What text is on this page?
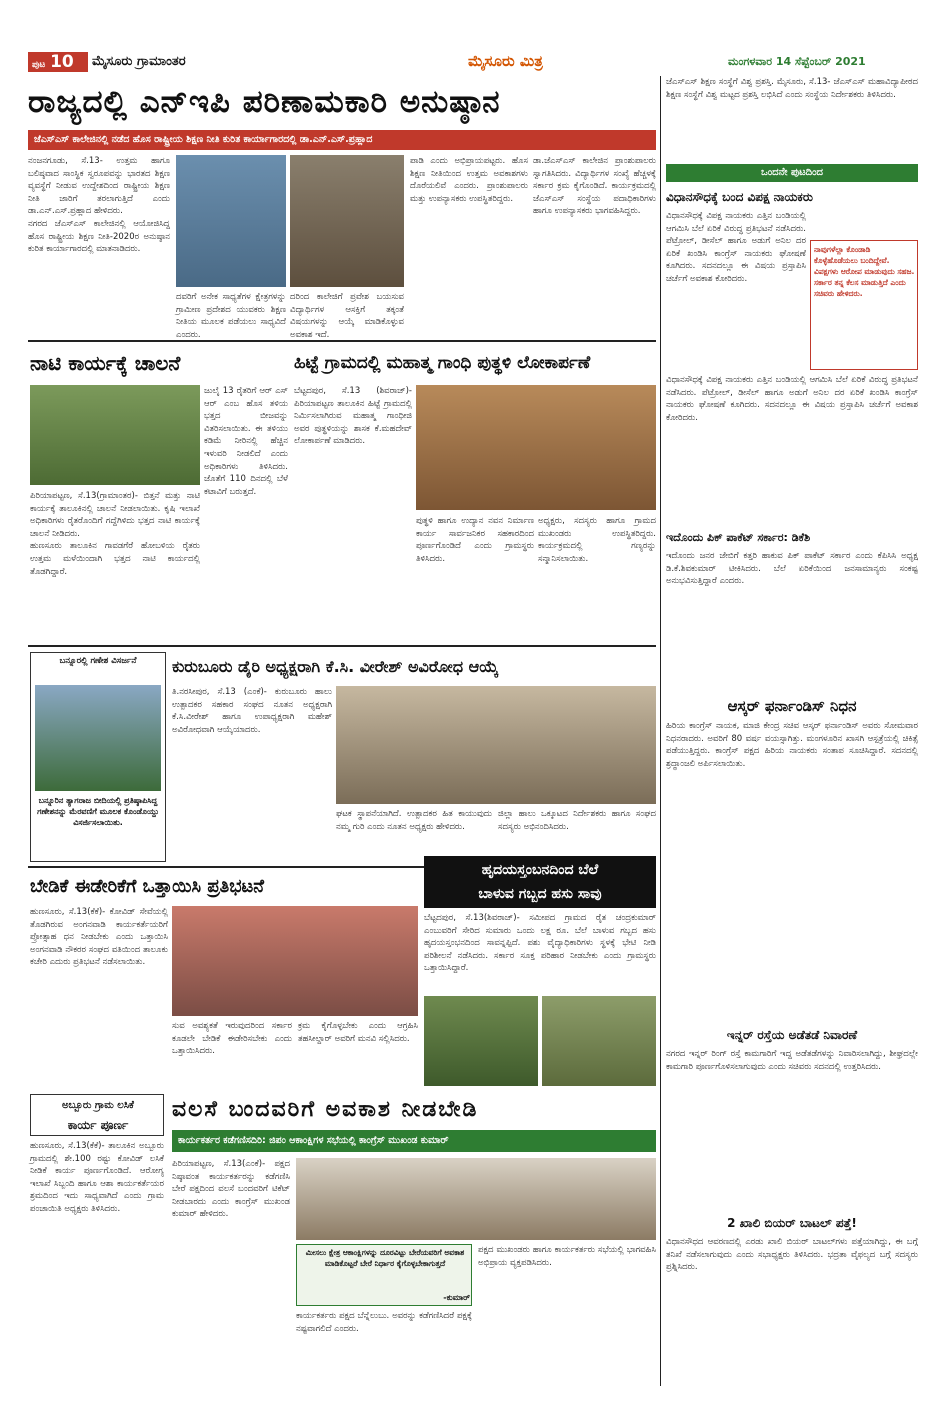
ಪುಟ 10	ಮೈಸೂರು ಗ್ರಾಮಾಂತರ	ಮೈಸೂರು ಮಿತ್ರ	ಮಂಗಳವಾರ 14 ಸೆಪ್ಟೆಂಬರ್ 2021
ರಾಜ್ಯದಲ್ಲಿ ಎನ್‌ಇಪಿ ಪರಿಣಾಮಕಾರಿ ಅನುಷ್ಠಾನ
ಜೆಎಸ್‌ಎಸ್ ಕಾಲೇಜಿನಲ್ಲಿ ನಡೆದ ಹೊಸ ರಾಷ್ಟ್ರೀಯ ಶಿಕ್ಷಣ ನೀತಿ ಕುರಿತ ಕಾರ್ಯಾಗಾರದಲ್ಲಿ ಡಾ.ಎನ್.ಎಸ್.ಪ್ರಹ್ಲಾದ
ನಂಜನಗೂಡು, ಸೆ.13- ಉತ್ತಮ ಹಾಗೂ ಬಲಿಷ್ಠವಾದ ಸಾಂಸ್ಥಿಕ ಸ್ವರೂಪವನ್ನು ಭಾರತದ ಶಿಕ್ಷಣ ವ್ಯವಸ್ಥೆಗೆ ನೀಡುವ ಉದ್ದೇಶದಿಂದ ರಾಷ್ಟ್ರೀಯ ಶಿಕ್ಷಣ ನೀತಿ ಜಾರಿಗೆ ತರಲಾಗುತ್ತಿದೆ ಎಂದು ಡಾ.ಎನ್.ಎಸ್.ಪ್ರಹ್ಲಾದ ಹೇಳಿದರು.
ನಗರದ ಜೆಎಸ್‌ಎಸ್ ಕಾಲೇಜಿನಲ್ಲಿ ಆಯೋಜಿಸಿದ್ದ ಹೊಸ ರಾಷ್ಟ್ರೀಯ ಶಿಕ್ಷಣ ನೀತಿ-2020ರ ಅನುಷ್ಠಾನ ಕುರಿತ ಕಾರ್ಯಾಗಾರದಲ್ಲಿ ಮಾತನಾಡಿದರು.
ದವರಿಗೆ ಅನೇಕ ಸಾಧ್ಯತೆಗಳ ಕ್ಷೇತ್ರಗಳನ್ನು ಗ್ರಾಮೀಣ ಪ್ರದೇಶದ ಯುವಕರು ಶಿಕ್ಷಣ ನೀತಿಯ ಮೂಲಕ ಪಡೆಯಲು ಸಾಧ್ಯವಿದೆ ಎಂದರು.
ದರಿಂದ ಕಾಲೇಜಿಗೆ ಪ್ರವೇಶ ಬಯಸುವ ವಿದ್ಯಾರ್ಥಿಗಳ ಆಸಕ್ತಿಗೆ ತಕ್ಕಂತೆ ವಿಷಯಗಳನ್ನು ಆಯ್ಕೆ ಮಾಡಿಕೊಳ್ಳುವ ಅವಕಾಶ ಇದೆ.
ಪಾಡಿ ಎಂದು ಅಭಿಪ್ರಾಯಪಟ್ಟರು. ಹೊಸ ಶಿಕ್ಷಣ ನೀತಿಯಿಂದ ಉತ್ತಮ ಅವಕಾಶಗಳು ದೊರೆಯಲಿವೆ ಎಂದರು. ಪ್ರಾಂಶುಪಾಲರು ಮತ್ತು ಉಪನ್ಯಾಸಕರು ಉಪಸ್ಥಿತರಿದ್ದರು.
ಡಾ.ಜೆಎಸ್‌ಎಸ್ ಕಾಲೇಜಿನ ಪ್ರಾಂಶುಪಾಲರು ಸ್ವಾಗತಿಸಿದರು. ವಿದ್ಯಾರ್ಥಿಗಳ ಸಂಖ್ಯೆ ಹೆಚ್ಚಳಕ್ಕೆ ಸರ್ಕಾರ ಕ್ರಮ ಕೈಗೊಂಡಿದೆ. ಕಾರ್ಯಕ್ರಮದಲ್ಲಿ ಜೆಎಸ್‌ಎಸ್ ಸಂಸ್ಥೆಯ ಪದಾಧಿಕಾರಿಗಳು ಹಾಗೂ ಉಪನ್ಯಾಸಕರು ಭಾಗವಹಿಸಿದ್ದರು.
ನಾಟಿ ಕಾರ್ಯಕ್ಕೆ ಚಾಲನೆ
ಪಿರಿಯಾಪಟ್ಟಣ, ಸೆ.13(ಗ್ರಾಮಾಂತರ)- ಬಿತ್ತನೆ ಮತ್ತು ನಾಟಿ ಕಾರ್ಯಕ್ಕೆ ತಾಲೂಕಿನಲ್ಲಿ ಚಾಲನೆ ನೀಡಲಾಯಿತು. ಕೃಷಿ ಇಲಾಖೆ ಅಧಿಕಾರಿಗಳು ರೈತರೊಂದಿಗೆ ಗದ್ದೆಗಿಳಿದು ಭತ್ತದ ನಾಟಿ ಕಾರ್ಯಕ್ಕೆ ಚಾಲನೆ ನೀಡಿದರು.
ಹುಣಸೂರು ತಾಲೂಕಿನ ಗಾವಡಗೆರೆ ಹೋಬಳಿಯ ರೈತರು ಉತ್ತಮ ಮಳೆಯಿಂದಾಗಿ ಭತ್ತದ ನಾಟಿ ಕಾರ್ಯದಲ್ಲಿ ತೊಡಗಿದ್ದಾರೆ.
ಜುಲೈ 13 ರೈತರಿಗೆ ಆರ್ ಎಸ್ ಆರ್ ಎಂಬ ಹೊಸ ತಳಿಯ ಭತ್ತದ ಬೀಜವನ್ನು ವಿತರಿಸಲಾಯಿತು. ಈ ತಳಿಯು ಕಡಿಮೆ ನೀರಿನಲ್ಲಿ ಹೆಚ್ಚಿನ ಇಳುವರಿ ನೀಡಲಿದೆ ಎಂದು ಅಧಿಕಾರಿಗಳು ತಿಳಿಸಿದರು. ಜೊತೆಗೆ 110 ದಿನದಲ್ಲಿ ಬೆಳೆ ಕಟಾವಿಗೆ ಬರುತ್ತದೆ.
ಹಿಟ್ಟೆ ಗ್ರಾಮದಲ್ಲಿ ಮಹಾತ್ಮ ಗಾಂಧಿ ಪುತ್ಥಳಿ ಲೋಕಾರ್ಪಣೆ
ಬೆಟ್ಟದಪುರ, ಸೆ.13 (ಶಿವರಾಜ್)- ಪಿರಿಯಾಪಟ್ಟಣ ತಾಲೂಕಿನ ಹಿಟ್ಟೆ ಗ್ರಾಮದಲ್ಲಿ ನಿರ್ಮಿಸಲಾಗಿರುವ ಮಹಾತ್ಮ ಗಾಂಧೀಜಿ ಅವರ ಪುತ್ಥಳಿಯನ್ನು ಶಾಸಕ ಕೆ.ಮಹದೇವ್ ಲೋಕಾರ್ಪಣೆ ಮಾಡಿದರು.
ಪುತ್ಥಳಿ ಹಾಗೂ ಉದ್ಯಾನ ನವನ ನಿರ್ಮಾಣ ಕಾರ್ಯ ಸಾರ್ವಜನಿಕರ ಸಹಕಾರದಿಂದ ಪೂರ್ಣಗೊಂಡಿದೆ ಎಂದು ಗ್ರಾಮಸ್ಥರು ತಿಳಿಸಿದರು.
ಅಧ್ಯಕ್ಷರು, ಸದಸ್ಯರು ಹಾಗೂ ಗ್ರಾಮದ ಮುಖಂಡರು ಉಪಸ್ಥಿತರಿದ್ದರು. ಕಾರ್ಯಕ್ರಮದಲ್ಲಿ ಗಣ್ಯರನ್ನು ಸನ್ಮಾನಿಸಲಾಯಿತು.
ಬನ್ನೂರಲ್ಲಿ ಗಣೇಶ ವಿಸರ್ಜನೆ
ಬನ್ನೂರಿನ ತ್ಯಾಗರಾಜ ಬೀದಿಯಲ್ಲಿ ಪ್ರತಿಷ್ಠಾಪಿಸಿದ್ದ ಗಣೇಶನನ್ನು ಮೆರವಣಿಗೆ ಮೂಲಕ ಕೊಂಡೊಯ್ದು ವಿಸರ್ಜಿಸಲಾಯಿತು.
ಕುರುಬೂರು ಡೈರಿ ಅಧ್ಯಕ್ಷರಾಗಿ ಕೆ.ಸಿ. ವೀರೇಶ್ ಅವಿರೋಧ ಆಯ್ಕೆ
ತಿ.ನರಸೀಪುರ, ಸೆ.13 (ಎಂಕೆ)- ಕುರುಬೂರು ಹಾಲು ಉತ್ಪಾದಕರ ಸಹಕಾರ ಸಂಘದ ನೂತನ ಅಧ್ಯಕ್ಷರಾಗಿ ಕೆ.ಸಿ.ವೀರೇಶ್ ಹಾಗೂ ಉಪಾಧ್ಯಕ್ಷರಾಗಿ ಮಹೇಶ್ ಅವಿರೋಧವಾಗಿ ಆಯ್ಕೆಯಾದರು.
ಘಟಕ ಸ್ಥಾಪನೆಯಾಗಿದೆ. ಉತ್ಪಾದಕರ ಹಿತ ಕಾಯುವುದು ನಮ್ಮ ಗುರಿ ಎಂದು ನೂತನ ಅಧ್ಯಕ್ಷರು ಹೇಳಿದರು.
ಜಿಲ್ಲಾ ಹಾಲು ಒಕ್ಕೂಟದ ನಿರ್ದೇಶಕರು ಹಾಗೂ ಸಂಘದ ಸದಸ್ಯರು ಅಭಿನಂದಿಸಿದರು.
ಬೇಡಿಕೆ ಈಡೇರಿಕೆಗೆ ಒತ್ತಾಯಿಸಿ ಪ್ರತಿಭಟನೆ
ಹುಣಸೂರು, ಸೆ.13(ಕೆಕೆ)- ಕೋವಿಡ್ ಸೇವೆಯಲ್ಲಿ ತೊಡಗಿರುವ ಅಂಗನವಾಡಿ ಕಾರ್ಯಕರ್ತೆಯರಿಗೆ ಪ್ರೋತ್ಸಾಹ ಧನ ನೀಡಬೇಕು ಎಂದು ಒತ್ತಾಯಿಸಿ ಅಂಗನವಾಡಿ ನೌಕರರ ಸಂಘದ ವತಿಯಿಂದ ತಾಲೂಕು ಕಚೇರಿ ಎದುರು ಪ್ರತಿಭಟನೆ ನಡೆಸಲಾಯಿತು.
ಸುವ ಅವಶ್ಯಕತೆ ಇರುವುದರಿಂದ ಸರ್ಕಾರ ಕೂಡಲೇ ಬೇಡಿಕೆ ಈಡೇರಿಸಬೇಕು ಎಂದು ಒತ್ತಾಯಿಸಿದರು.
ಕ್ರಮ ಕೈಗೊಳ್ಳಬೇಕು ಎಂದು ಆಗ್ರಹಿಸಿ ತಹಸೀಲ್ದಾರ್ ಅವರಿಗೆ ಮನವಿ ಸಲ್ಲಿಸಿದರು.
ಹೃದಯಸ್ತಂಬನದಿಂದ ಬೆಲೆ
ಬಾಳುವ ಗಬ್ಬದ ಹಸು ಸಾವು
ಬೆಟ್ಟದಪುರ, ಸೆ.13(ಶಿವರಾಜ್)- ಸಮೀಪದ ಗ್ರಾಮದ ರೈತ ಚಂದ್ರಕುಮಾರ್ ಎಂಬುವರಿಗೆ ಸೇರಿದ ಸುಮಾರು ಒಂದು ಲಕ್ಷ ರೂ. ಬೆಲೆ ಬಾಳುವ ಗಬ್ಬದ ಹಸು ಹೃದಯಸ್ತಂಭನದಿಂದ ಸಾವನ್ನಪ್ಪಿದೆ. ಪಶು ವೈದ್ಯಾಧಿಕಾರಿಗಳು ಸ್ಥಳಕ್ಕೆ ಭೇಟಿ ನೀಡಿ ಪರಿಶೀಲನೆ ನಡೆಸಿದರು. ಸರ್ಕಾರ ಸೂಕ್ತ ಪರಿಹಾರ ನೀಡಬೇಕು ಎಂದು ಗ್ರಾಮಸ್ಥರು ಒತ್ತಾಯಿಸಿದ್ದಾರೆ.
ಅಬ್ಬೂರು ಗ್ರಾಮ ಲಸಿಕೆ
ಕಾರ್ಯ ಪೂರ್ಣ
ಹುಣಸೂರು, ಸೆ.13(ಕೆಕೆ)- ತಾಲೂಕಿನ ಅಬ್ಬೂರು ಗ್ರಾಮದಲ್ಲಿ ಶೇ.100 ರಷ್ಟು ಕೋವಿಡ್ ಲಸಿಕೆ ನೀಡಿಕೆ ಕಾರ್ಯ ಪೂರ್ಣಗೊಂಡಿದೆ. ಆರೋಗ್ಯ ಇಲಾಖೆ ಸಿಬ್ಬಂದಿ ಹಾಗೂ ಆಶಾ ಕಾರ್ಯಕರ್ತೆಯರ ಶ್ರಮದಿಂದ ಇದು ಸಾಧ್ಯವಾಗಿದೆ ಎಂದು ಗ್ರಾಮ ಪಂಚಾಯಿತಿ ಅಧ್ಯಕ್ಷರು ತಿಳಿಸಿದರು.
ವಲಸೆ ಬಂದವರಿಗೆ ಅವಕಾಶ ನೀಡಬೇಡಿ
ಕಾರ್ಯಕರ್ತರ ಕಡೆಗಣಿಸದಿರಿ: ಜಿಪಂ ಆಕಾಂಕ್ಷಿಗಳ ಸಭೆಯಲ್ಲಿ ಕಾಂಗ್ರೆಸ್ ಮುಖಂಡ ಕುಮಾರ್
ಪಿರಿಯಾಪಟ್ಟಣ, ಸೆ.13(ಎಂಕೆ)- ಪಕ್ಷದ ನಿಷ್ಠಾವಂತ ಕಾರ್ಯಕರ್ತರನ್ನು ಕಡೆಗಣಿಸಿ ಬೇರೆ ಪಕ್ಷದಿಂದ ವಲಸೆ ಬಂದವರಿಗೆ ಟಿಕೆಟ್ ನೀಡಬಾರದು ಎಂದು ಕಾಂಗ್ರೆಸ್ ಮುಖಂಡ ಕುಮಾರ್ ಹೇಳಿದರು.
ಮೀಸಲು ಕ್ಷೇತ್ರ ಆಕಾಂಕ್ಷಿಗಳನ್ನು ದೂರವಿಟ್ಟು ಬೇರೆಯವರಿಗೆ ಅವಕಾಶ ಮಾಡಿಕೊಟ್ಟರೆ ಬೇರೆ ನಿರ್ಧಾರ ಕೈಗೊಳ್ಳಬೇಕಾಗುತ್ತದೆ
-ಕುಮಾರ್
ಕಾರ್ಯಕರ್ತರು ಪಕ್ಷದ ಬೆನ್ನೆಲುಬು. ಅವರನ್ನು ಕಡೆಗಣಿಸಿದರೆ ಪಕ್ಷಕ್ಕೆ ನಷ್ಟವಾಗಲಿದೆ ಎಂದರು.
ಪಕ್ಷದ ಮುಖಂಡರು ಹಾಗೂ ಕಾರ್ಯಕರ್ತರು ಸಭೆಯಲ್ಲಿ ಭಾಗವಹಿಸಿ ಅಭಿಪ್ರಾಯ ವ್ಯಕ್ತಪಡಿಸಿದರು.
ಜೆಎಸ್ಎಸ್ ಶಿಕ್ಷಣ ಸಂಸ್ಥೆಗೆ ವಿಶ್ವ ಪ್ರಶಸ್ತಿ. ಮೈಸೂರು, ಸೆ.13- ಜೆಎಸ್ಎಸ್ ಮಹಾವಿದ್ಯಾಪೀಠದ ಶಿಕ್ಷಣ ಸಂಸ್ಥೆಗೆ ವಿಶ್ವ ಮಟ್ಟದ ಪ್ರಶಸ್ತಿ ಲಭಿಸಿದೆ ಎಂದು ಸಂಸ್ಥೆಯ ನಿರ್ದೇಶಕರು ತಿಳಿಸಿದರು.
ಒಂದನೇ ಪುಟದಿಂದ
ವಿಧಾನಸೌಧಕ್ಕೆ ಬಂದ ವಿಪಕ್ಷ ನಾಯಕರು
ವಿಧಾನಸೌಧಕ್ಕೆ ವಿಪಕ್ಷ ನಾಯಕರು ಎತ್ತಿನ ಬಂಡಿಯಲ್ಲಿ ಆಗಮಿಸಿ ಬೆಲೆ ಏರಿಕೆ ವಿರುದ್ಧ ಪ್ರತಿಭಟನೆ ನಡೆಸಿದರು. ಪೆಟ್ರೋಲ್, ಡೀಸೆಲ್ ಹಾಗೂ ಅಡುಗೆ ಅನಿಲ ದರ ಏರಿಕೆ ಖಂಡಿಸಿ ಕಾಂಗ್ರೆಸ್ ನಾಯಕರು ಘೋಷಣೆ ಕೂಗಿದರು. ಸದನದಲ್ಲೂ ಈ ವಿಷಯ ಪ್ರಸ್ತಾಪಿಸಿ ಚರ್ಚೆಗೆ ಅವಕಾಶ ಕೋರಿದರು.
ನಾವುಗಳೆಲ್ಲಾ ಕೊಂಡಾಡಿ ಕೊಳ್ಳೆಹೊಡೆಯಲು ಬಂದಿದ್ದೇವೆ. ವಿಪಕ್ಷಗಳು ಆರೋಪ ಮಾಡುವುದು ಸಹಜ. ಸರ್ಕಾರ ತನ್ನ ಕೆಲಸ ಮಾಡುತ್ತಿದೆ ಎಂದು ಸಚಿವರು ಹೇಳಿದರು.
ವಿಧಾನಸೌಧಕ್ಕೆ ವಿಪಕ್ಷ ನಾಯಕರು ಎತ್ತಿನ ಬಂಡಿಯಲ್ಲಿ ಆಗಮಿಸಿ ಬೆಲೆ ಏರಿಕೆ ವಿರುದ್ಧ ಪ್ರತಿಭಟನೆ ನಡೆಸಿದರು. ಪೆಟ್ರೋಲ್, ಡೀಸೆಲ್ ಹಾಗೂ ಅಡುಗೆ ಅನಿಲ ದರ ಏರಿಕೆ ಖಂಡಿಸಿ ಕಾಂಗ್ರೆಸ್ ನಾಯಕರು ಘೋಷಣೆ ಕೂಗಿದರು. ಸದನದಲ್ಲೂ ಈ ವಿಷಯ ಪ್ರಸ್ತಾಪಿಸಿ ಚರ್ಚೆಗೆ ಅವಕಾಶ ಕೋರಿದರು.
ಇದೊಂದು ಪಿಕ್ ಪಾಕೆಟ್ ಸರ್ಕಾರ: ಡಿಕೆಶಿ
ಇದೊಂದು ಜನರ ಜೇಬಿಗೆ ಕತ್ತರಿ ಹಾಕುವ ಪಿಕ್ ಪಾಕೆಟ್ ಸರ್ಕಾರ ಎಂದು ಕೆಪಿಸಿಸಿ ಅಧ್ಯಕ್ಷ ಡಿ.ಕೆ.ಶಿವಕುಮಾರ್ ಟೀಕಿಸಿದರು. ಬೆಲೆ ಏರಿಕೆಯಿಂದ ಜನಸಾಮಾನ್ಯರು ಸಂಕಷ್ಟ ಅನುಭವಿಸುತ್ತಿದ್ದಾರೆ ಎಂದರು.
ಆಸ್ಕರ್ ಫರ್ನಾಂಡಿಸ್ ನಿಧನ
ಹಿರಿಯ ಕಾಂಗ್ರೆಸ್ ನಾಯಕ, ಮಾಜಿ ಕೇಂದ್ರ ಸಚಿವ ಆಸ್ಕರ್ ಫರ್ನಾಂಡಿಸ್ ಅವರು ಸೋಮವಾರ ನಿಧನರಾದರು. ಅವರಿಗೆ 80 ವರ್ಷ ವಯಸ್ಸಾಗಿತ್ತು. ಮಂಗಳೂರಿನ ಖಾಸಗಿ ಆಸ್ಪತ್ರೆಯಲ್ಲಿ ಚಿಕಿತ್ಸೆ ಪಡೆಯುತ್ತಿದ್ದರು. ಕಾಂಗ್ರೆಸ್ ಪಕ್ಷದ ಹಿರಿಯ ನಾಯಕರು ಸಂತಾಪ ಸೂಚಿಸಿದ್ದಾರೆ. ಸದನದಲ್ಲಿ ಶ್ರದ್ಧಾಂಜಲಿ ಅರ್ಪಿಸಲಾಯಿತು.
ಇನ್ನರ್ ರಸ್ತೆಯ ಅಡೆತಡೆ ನಿವಾರಣೆ
ನಗರದ ಇನ್ನರ್ ರಿಂಗ್ ರಸ್ತೆ ಕಾಮಗಾರಿಗೆ ಇದ್ದ ಅಡೆತಡೆಗಳನ್ನು ನಿವಾರಿಸಲಾಗಿದ್ದು, ಶೀಘ್ರದಲ್ಲೇ ಕಾಮಗಾರಿ ಪೂರ್ಣಗೊಳಿಸಲಾಗುವುದು ಎಂದು ಸಚಿವರು ಸದನದಲ್ಲಿ ಉತ್ತರಿಸಿದರು.
2 ಖಾಲಿ ಬಿಯರ್ ಬಾಟಲ್ ಪತ್ತೆ!
ವಿಧಾನಸೌಧದ ಆವರಣದಲ್ಲಿ ಎರಡು ಖಾಲಿ ಬಿಯರ್ ಬಾಟಲ್‌ಗಳು ಪತ್ತೆಯಾಗಿದ್ದು, ಈ ಬಗ್ಗೆ ತನಿಖೆ ನಡೆಸಲಾಗುವುದು ಎಂದು ಸಭಾಧ್ಯಕ್ಷರು ತಿಳಿಸಿದರು. ಭದ್ರತಾ ವೈಫಲ್ಯದ ಬಗ್ಗೆ ಸದಸ್ಯರು ಪ್ರಶ್ನಿಸಿದರು.
